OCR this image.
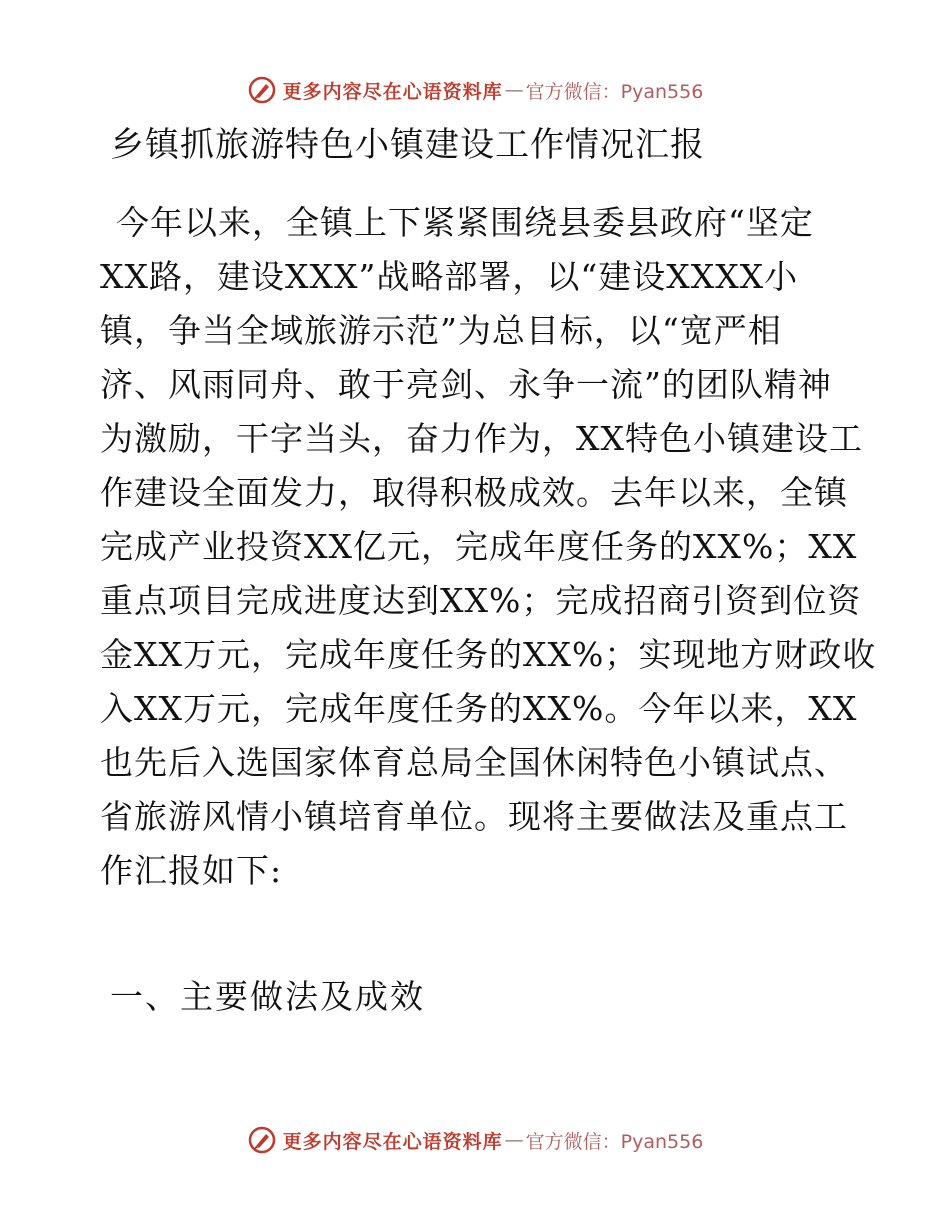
更多内容尽在心语资料库 — 官方微信：Pyan556
乡镇抓旅游特色小镇建设工作情况汇报
今年以来，全镇上下紧紧围绕县委县政府“坚定
XX路，建设XXX”战略部署，以“建设XXXX小
镇，争当全域旅游示范”为总目标，以“宽严相
济、风雨同舟、敢于亮剑、永争一流”的团队精神
为激励，干字当头，奋力作为，XX特色小镇建设工
作建设全面发力，取得积极成效。去年以来，全镇
完成产业投资XX亿元，完成年度任务的XX%；XX
重点项目完成进度达到XX%；完成招商引资到位资
金XX万元，完成年度任务的XX%；实现地方财政收
入XX万元，完成年度任务的XX%。今年以来，XX
也先后入选国家体育总局全国休闲特色小镇试点、
省旅游风情小镇培育单位。现将主要做法及重点工
作汇报如下:
一、主要做法及成效
更多内容尽在心语资料库 — 官方微信：Pyan556
